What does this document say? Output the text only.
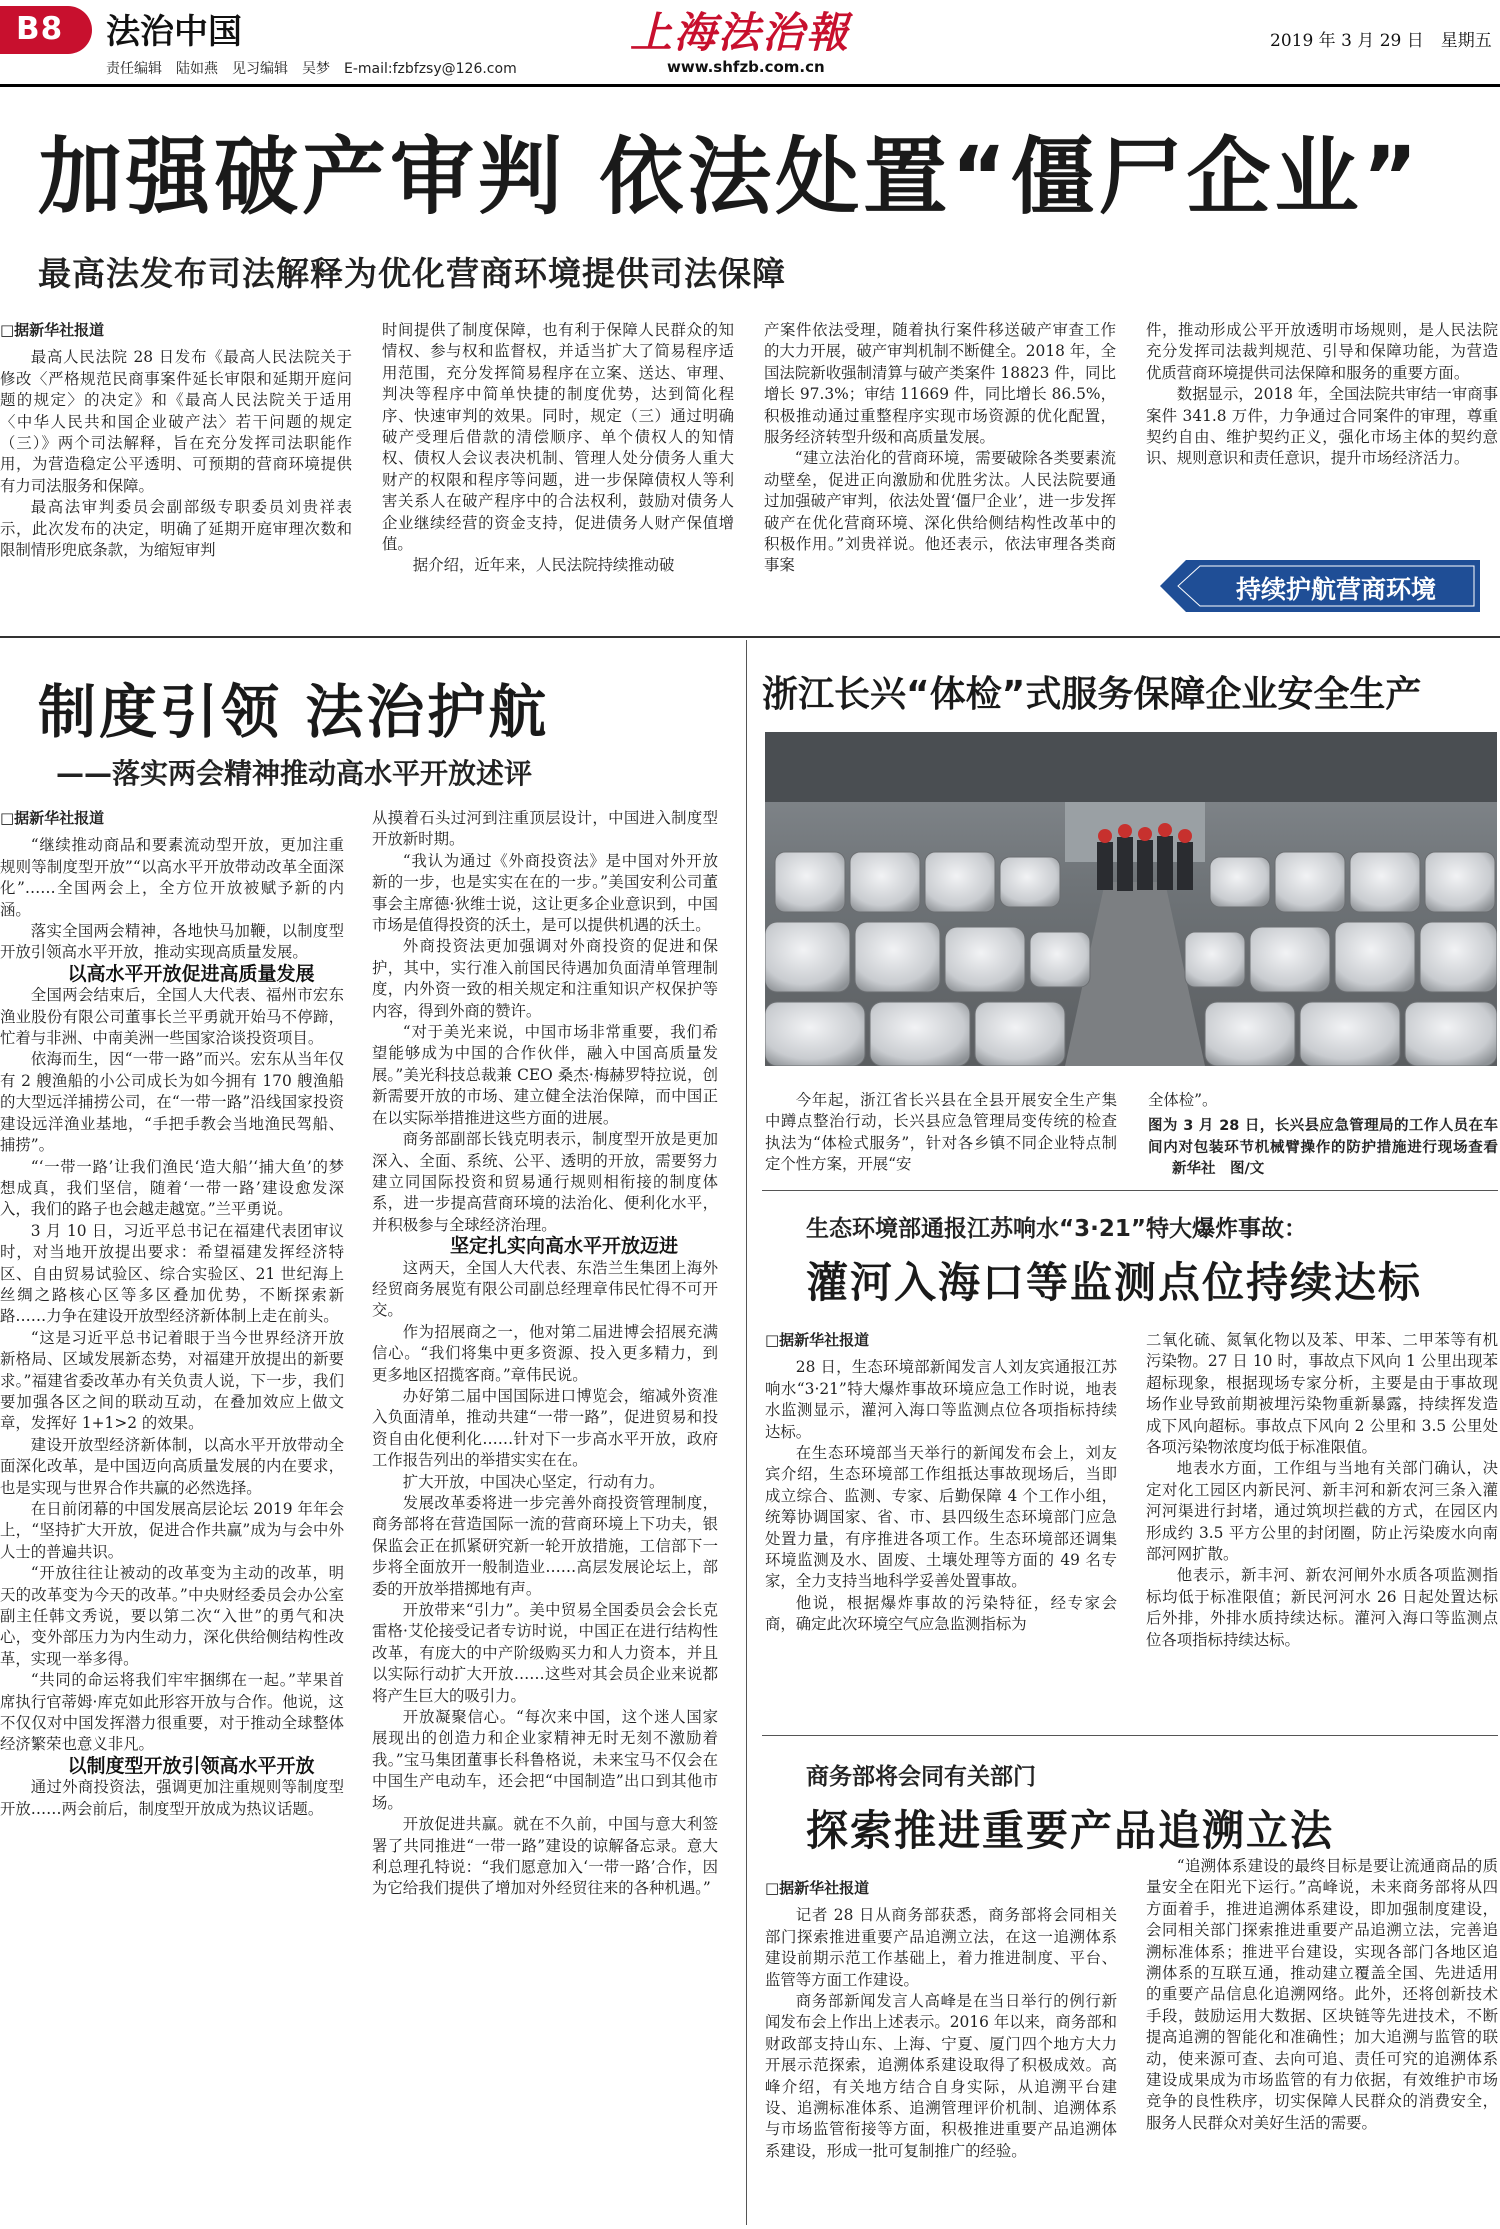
B8 法治中国
责任编辑　陆如燕　见习编辑　吴梦　E-mail:fzbfzsy@126.com
上海法治報
www.shfzb.com.cn
2019 年 3 月 29 日　星期五
加强破产审判 依法处置“僵尸企业”
最高法发布司法解释为优化营商环境提供司法保障

□据新华社报道

最高人民法院 28 日发布《最高人民法院关于修改〈严格规范民商事案件延长审限和延期开庭问题的规定〉的决定》和《最高人民法院关于适用〈中华人民共和国企业破产法〉若干问题的规定（三）》两个司法解释，旨在充分发挥司法职能作用，为营造稳定公平透明、可预期的营商环境提供有力司法服务和保障。

最高法审判委员会副部级专职委员刘贵祥表示，此次发布的决定，明确了延期开庭审理次数和限制情形兜底条款，为缩短审判

时间提供了制度保障，也有利于保障人民群众的知情权、参与权和监督权，并适当扩大了简易程序适用范围，充分发挥简易程序在立案、送达、审理、判决等程序中简单快捷的制度优势，达到简化程序、快速审判的效果。同时，规定（三）通过明确破产受理后借款的清偿顺序、单个债权人的知情权、债权人会议表决机制、管理人处分债务人重大财产的权限和程序等问题，进一步保障债权人等利害关系人在破产程序中的合法权利，鼓励对债务人企业继续经营的资金支持，促进债务人财产保值增值。

据介绍，近年来，人民法院持续推动破

产案件依法受理，随着执行案件移送破产审查工作的大力开展，破产审判机制不断健全。2018 年，全国法院新收强制清算与破产类案件 18823 件，同比增长 97.3%；审结 11669 件，同比增长 86.5%，积极推动通过重整程序实现市场资源的优化配置，服务经济转型升级和高质量发展。

“建立法治化的营商环境，需要破除各类要素流动壁垒，促进正向激励和优胜劣汰。人民法院要通过加强破产审判，依法处置‘僵尸企业’，进一步发挥破产在优化营商环境、深化供给侧结构性改革中的积极作用。”刘贵祥说。他还表示，依法审理各类商事案

件，推动形成公平开放透明市场规则，是人民法院充分发挥司法裁判规范、引导和保障功能，为营造优质营商环境提供司法保障和服务的重要方面。

数据显示，2018 年，全国法院共审结一审商事案件 341.8 万件，力争通过合同案件的审理，尊重契约自由、维护契约正义，强化市场主体的契约意识、规则意识和责任意识，提升市场经济活力。

持续护航营商环境
制度引领 法治护航
——落实两会精神推动高水平开放述评

□据新华社报道

“继续推动商品和要素流动型开放，更加注重规则等制度型开放”“以高水平开放带动改革全面深化”……全国两会上，全方位开放被赋予新的内涵。

落实全国两会精神，各地快马加鞭，以制度型开放引领高水平开放，推动实现高质量发展。

以高水平开放促进高质量发展

全国两会结束后，全国人大代表、福州市宏东渔业股份有限公司董事长兰平勇就开始马不停蹄，忙着与非洲、中南美洲一些国家洽谈投资项目。

依海而生，因“一带一路”而兴。宏东从当年仅有 2 艘渔船的小公司成长为如今拥有 170 艘渔船的大型远洋捕捞公司，在“一带一路”沿线国家投资建设远洋渔业基地，“手把手教会当地渔民驾船、捕捞”。

“‘一带一路’让我们渔民‘造大船’‘捕大鱼’的梦想成真，我们坚信，随着‘一带一路’建设愈发深入，我们的路子也会越走越宽。”兰平勇说。

3 月 10 日，习近平总书记在福建代表团审议时，对当地开放提出要求：希望福建发挥经济特区、自由贸易试验区、综合实验区、21 世纪海上丝绸之路核心区等多区叠加优势，不断探索新路……力争在建设开放型经济新体制上走在前头。

“这是习近平总书记着眼于当今世界经济开放新格局、区域发展新态势，对福建开放提出的新要求。”福建省委改革办有关负责人说，下一步，我们要加强各区之间的联动互动，在叠加效应上做文章，发挥好 1+1>2 的效果。

建设开放型经济新体制，以高水平开放带动全面深化改革，是中国迈向高质量发展的内在要求，也是实现与世界合作共赢的必然选择。

在日前闭幕的中国发展高层论坛 2019 年年会上，“坚持扩大开放，促进合作共赢”成为与会中外人士的普遍共识。

“开放往往让被动的改革变为主动的改革，明天的改革变为今天的改革。”中央财经委员会办公室副主任韩文秀说，要以第二次“入世”的勇气和决心，变外部压力为内生动力，深化供给侧结构性改革，实现一举多得。

“共同的命运将我们牢牢捆绑在一起。”苹果首席执行官蒂姆·库克如此形容开放与合作。他说，这不仅仅对中国发挥潜力很重要，对于推动全球整体经济繁荣也意义非凡。

以制度型开放引领高水平开放

通过外商投资法，强调更加注重规则等制度型开放……两会前后，制度型开放成为热议话题。

从摸着石头过河到注重顶层设计，中国进入制度型开放新时期。

“我认为通过《外商投资法》是中国对外开放新的一步，也是实实在在的一步。”美国安利公司董事会主席德·狄维士说，这让更多企业意识到，中国市场是值得投资的沃土，是可以提供机遇的沃土。

外商投资法更加强调对外商投资的促进和保护，其中，实行准入前国民待遇加负面清单管理制度，内外资一致的相关规定和注重知识产权保护等内容，得到外商的赞许。

“对于美光来说，中国市场非常重要，我们希望能够成为中国的合作伙伴，融入中国高质量发展。”美光科技总裁兼 CEO 桑杰·梅赫罗特拉说，创新需要开放的市场、建立健全法治保障，而中国正在以实际举措推进这些方面的进展。

商务部副部长钱克明表示，制度型开放是更加深入、全面、系统、公平、透明的开放，需要努力建立同国际投资和贸易通行规则相衔接的制度体系，进一步提高营商环境的法治化、便利化水平，并积极参与全球经济治理。

坚定扎实向高水平开放迈进

这两天，全国人大代表、东浩兰生集团上海外经贸商务展览有限公司副总经理章伟民忙得不可开交。

作为招展商之一，他对第二届进博会招展充满信心。“我们将集中更多资源、投入更多精力，到更多地区招揽客商。”章伟民说。

办好第二届中国国际进口博览会，缩减外资准入负面清单，推动共建“一带一路”，促进贸易和投资自由化便利化……针对下一步高水平开放，政府工作报告列出的举措实实在在。

扩大开放，中国决心坚定，行动有力。

发展改革委将进一步完善外商投资管理制度，商务部将在营造国际一流的营商环境上下功夫，银保监会正在抓紧研究新一轮开放措施，工信部下一步将全面放开一般制造业……高层发展论坛上，部委的开放举措掷地有声。

开放带来“引力”。美中贸易全国委员会会长克雷格·艾伦接受记者专访时说，中国正在进行结构性改革，有庞大的中产阶级购买力和人力资本，并且以实际行动扩大开放……这些对其会员企业来说都将产生巨大的吸引力。

开放凝聚信心。“每次来中国，这个迷人国家展现出的创造力和企业家精神无时无刻不激励着我。”宝马集团董事长科鲁格说，未来宝马不仅会在中国生产电动车，还会把“中国制造”出口到其他市场。

开放促进共赢。就在不久前，中国与意大利签署了共同推进“一带一路”建设的谅解备忘录。意大利总理孔特说：“我们愿意加入‘一带一路’合作，因为它给我们提供了增加对外经贸往来的各种机遇。”

浙江长兴“体检”式服务保障企业安全生产

今年起，浙江省长兴县在全县开展安全生产集中蹲点整治行动，长兴县应急管理局变传统的检查执法为“体检式服务”，针对各乡镇不同企业特点制定个性方案，开展“安

全体检”。

图为 3 月 28 日，长兴县应急管理局的工作人员在车间内对包装环节机械臂操作的防护措施进行现场查看 新华社　图/文
生态环境部通报江苏响水“3·21”特大爆炸事故：
灌河入海口等监测点位持续达标

□据新华社报道

28 日，生态环境部新闻发言人刘友宾通报江苏响水“3·21”特大爆炸事故环境应急工作时说，地表水监测显示，灌河入海口等监测点位各项指标持续达标。

在生态环境部当天举行的新闻发布会上，刘友宾介绍，生态环境部工作组抵达事故现场后，当即成立综合、监测、专家、后勤保障 4 个工作小组，统筹协调国家、省、市、县四级生态环境部门应急处置力量，有序推进各项工作。生态环境部还调集环境监测及水、固废、土壤处理等方面的 49 名专家，全力支持当地科学妥善处置事故。

他说，根据爆炸事故的污染特征，经专家会商，确定此次环境空气应急监测指标为

二氧化硫、氮氧化物以及苯、甲苯、二甲苯等有机污染物。27 日 10 时，事故点下风向 1 公里出现苯超标现象，根据现场专家分析，主要是由于事故现场作业导致前期被埋污染物重新暴露，持续挥发造成下风向超标。事故点下风向 2 公里和 3.5 公里处各项污染物浓度均低于标准限值。

地表水方面，工作组与当地有关部门确认，决定对化工园区内新民河、新丰河和新农河三条入灌河河渠进行封堵，通过筑坝拦截的方式，在园区内形成约 3.5 平方公里的封闭圈，防止污染废水向南部河网扩散。

他表示，新丰河、新农河闸外水质各项监测指标均低于标准限值；新民河河水 26 日起处置达标后外排，外排水质持续达标。灌河入海口等监测点位各项指标持续达标。

商务部将会同有关部门
探索推进重要产品追溯立法

□据新华社报道

记者 28 日从商务部获悉，商务部将会同相关部门探索推进重要产品追溯立法，在这一追溯体系建设前期示范工作基础上，着力推进制度、平台、监管等方面工作建设。

商务部新闻发言人高峰是在当日举行的例行新闻发布会上作出上述表示。2016 年以来，商务部和财政部支持山东、上海、宁夏、厦门四个地方大力开展示范探索，追溯体系建设取得了积极成效。高峰介绍，有关地方结合自身实际，从追溯平台建设、追溯标准体系、追溯管理评价机制、追溯体系与市场监管衔接等方面，积极推进重要产品追溯体系建设，形成一批可复制推广的经验。

“追溯体系建设的最终目标是要让流通商品的质量安全在阳光下运行。”高峰说，未来商务部将从四方面着手，推进追溯体系建设，即加强制度建设，会同相关部门探索推进重要产品追溯立法，完善追溯标准体系；推进平台建设，实现各部门各地区追溯体系的互联互通，推动建立覆盖全国、先进适用的重要产品信息化追溯网络。此外，还将创新技术手段，鼓励运用大数据、区块链等先进技术，不断提高追溯的智能化和准确性；加大追溯与监管的联动，使来源可查、去向可追、责任可究的追溯体系建设成果成为市场监管的有力依据，有效维护市场竞争的良性秩序，切实保障人民群众的消费安全，服务人民群众对美好生活的需要。
